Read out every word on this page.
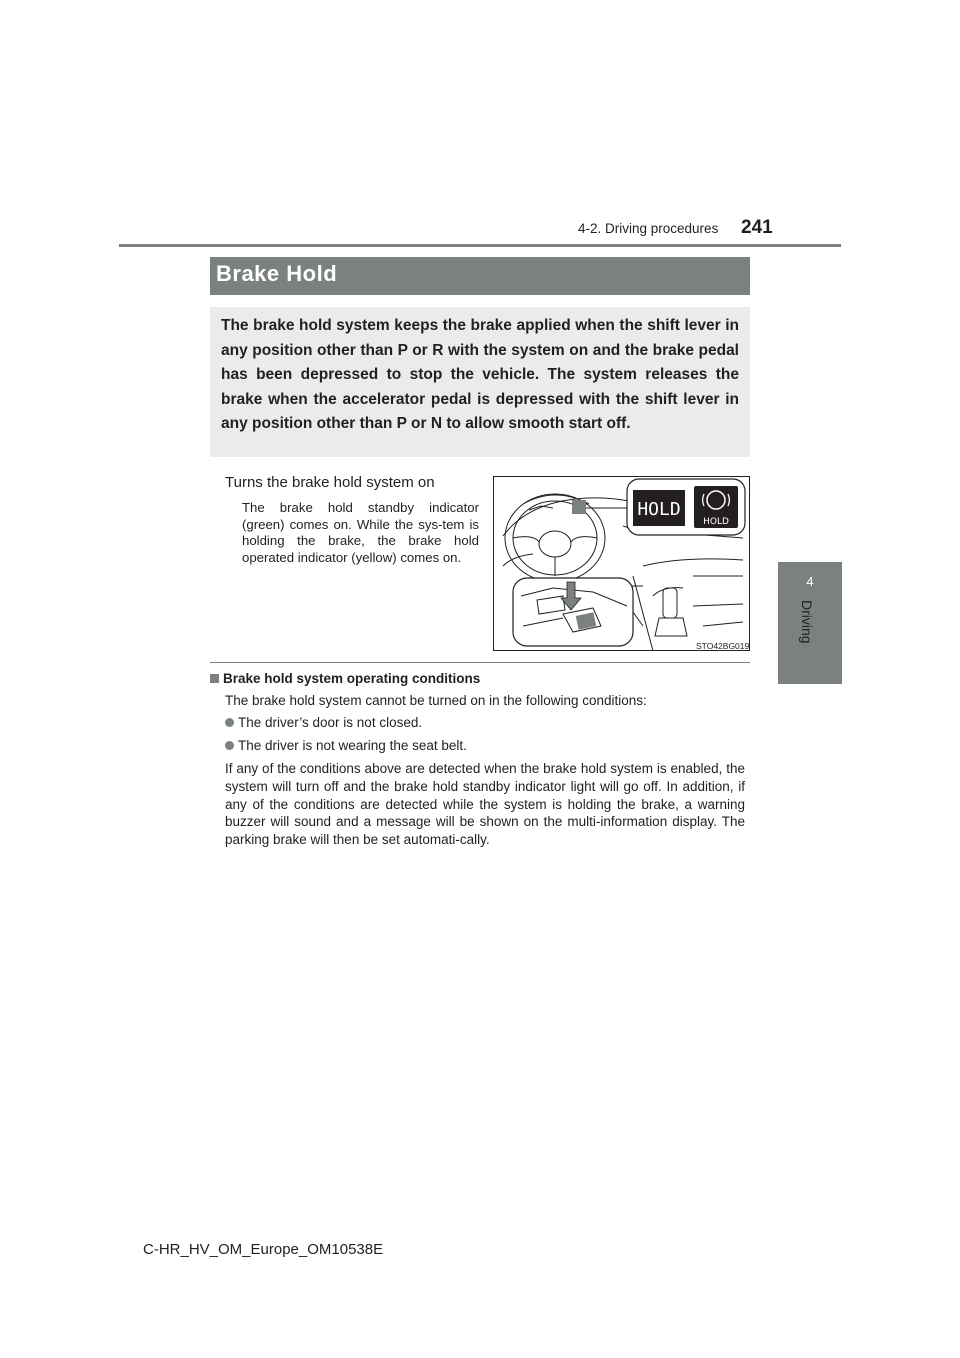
4-2. Driving procedures 241
4
Driving
Brake Hold
The brake hold system keeps the brake applied when the shift lever in any position other than P or R with the system on and the brake pedal has been depressed to stop the vehicle. The system releases the brake when the accelerator pedal is depressed with the shift lever in any position other than P or N to allow smooth start off.
Turns the brake hold system on
The brake hold standby indicator (green) comes on. While the sys-tem is holding the brake, the brake hold operated indicator (yellow) comes on.
HOLD
HOLD
STO42BG019
Brake hold system operating conditions
The brake hold system cannot be turned on in the following conditions:
The driver’s door is not closed.
The driver is not wearing the seat belt.
If any of the conditions above are detected when the brake hold system is enabled, the system will turn off and the brake hold standby indicator light will go off. In addition, if any of the conditions are detected while the system is holding the brake, a warning buzzer will sound and a message will be shown on the multi-information display. The parking brake will then be set automati-cally.
C-HR_HV_OM_Europe_OM10538E
